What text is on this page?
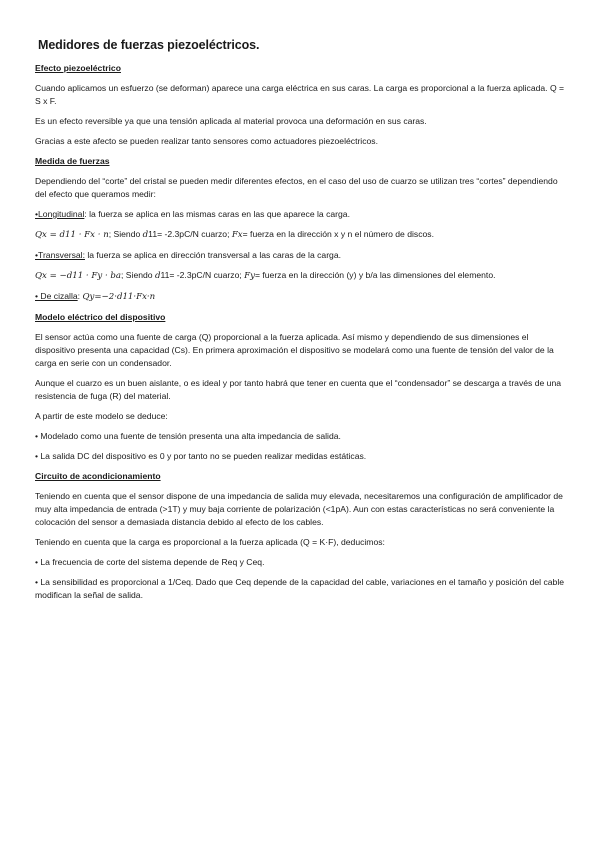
Medidores de fuerzas piezoeléctricos.
Efecto piezoeléctrico

Cuando aplicamos un esfuerzo (se deforman) aparece una carga eléctrica en sus caras. La carga es proporcional a la fuerza aplicada. Q = S x F.

Es un efecto reversible ya que una tensión aplicada al material provoca una deformación en sus caras.

Gracias a este afecto se pueden realizar tanto sensores como actuadores piezoeléctricos.

Medida de fuerzas

Dependiendo del “corte” del cristal se pueden medir diferentes efectos, en el caso del uso de cuarzo se utilizan tres “cortes” dependiendo del efecto que queramos medir:

•Longitudinal: la fuerza se aplica en las mismas caras en las que aparece la carga.

Qx = d11 · Fx · n; Siendo d11= -2.3pC/N cuarzo; Fx= fuerza en la dirección x y n el número de discos.

•Transversal: la fuerza se aplica en dirección transversal a las caras de la carga.

Qx = −d11 · Fy · ba; Siendo d11= -2.3pC/N cuarzo; Fy= fuerza en la dirección (y) y b/a las dimensiones del elemento.

• De cizalla: Qy=−2·d11·Fx·n

Modelo eléctrico del dispositivo

El sensor actúa como una fuente de carga (Q) proporcional a la fuerza aplicada. Así mismo y dependiendo de sus dimensiones el dispositivo presenta una capacidad (Cs). En primera aproximación el dispositivo se modelará como una fuente de tensión del valor de la carga en serie con un condensador.

Aunque el cuarzo es un buen aislante, o es ideal y por tanto habrá que tener en cuenta que el “condensador” se descarga a través de una resistencia de fuga (R) del material.

A partir de este modelo se deduce:

• Modelado como una fuente de tensión presenta una alta impedancia de salida.

• La salida DC del dispositivo es 0 y por tanto no se pueden realizar medidas estáticas.

Circuito de acondicionamiento

Teniendo en cuenta que el sensor dispone de una impedancia de salida muy elevada, necesitaremos una configuración de amplificador de muy alta impedancia de entrada (>1T) y muy baja corriente de polarización (<1pA). Aun con estas características no será conveniente la colocación del sensor a demasiada distancia debido al efecto de los cables.

Teniendo en cuenta que la carga es proporcional a la fuerza aplicada (Q = K·F), deducimos:

• La frecuencia de corte del sistema depende de Req y Ceq.

• La sensibilidad es proporcional a 1/Ceq. Dado que Ceq depende de la capacidad del cable, variaciones en el tamaño y posición del cable modifican la señal de salida.
